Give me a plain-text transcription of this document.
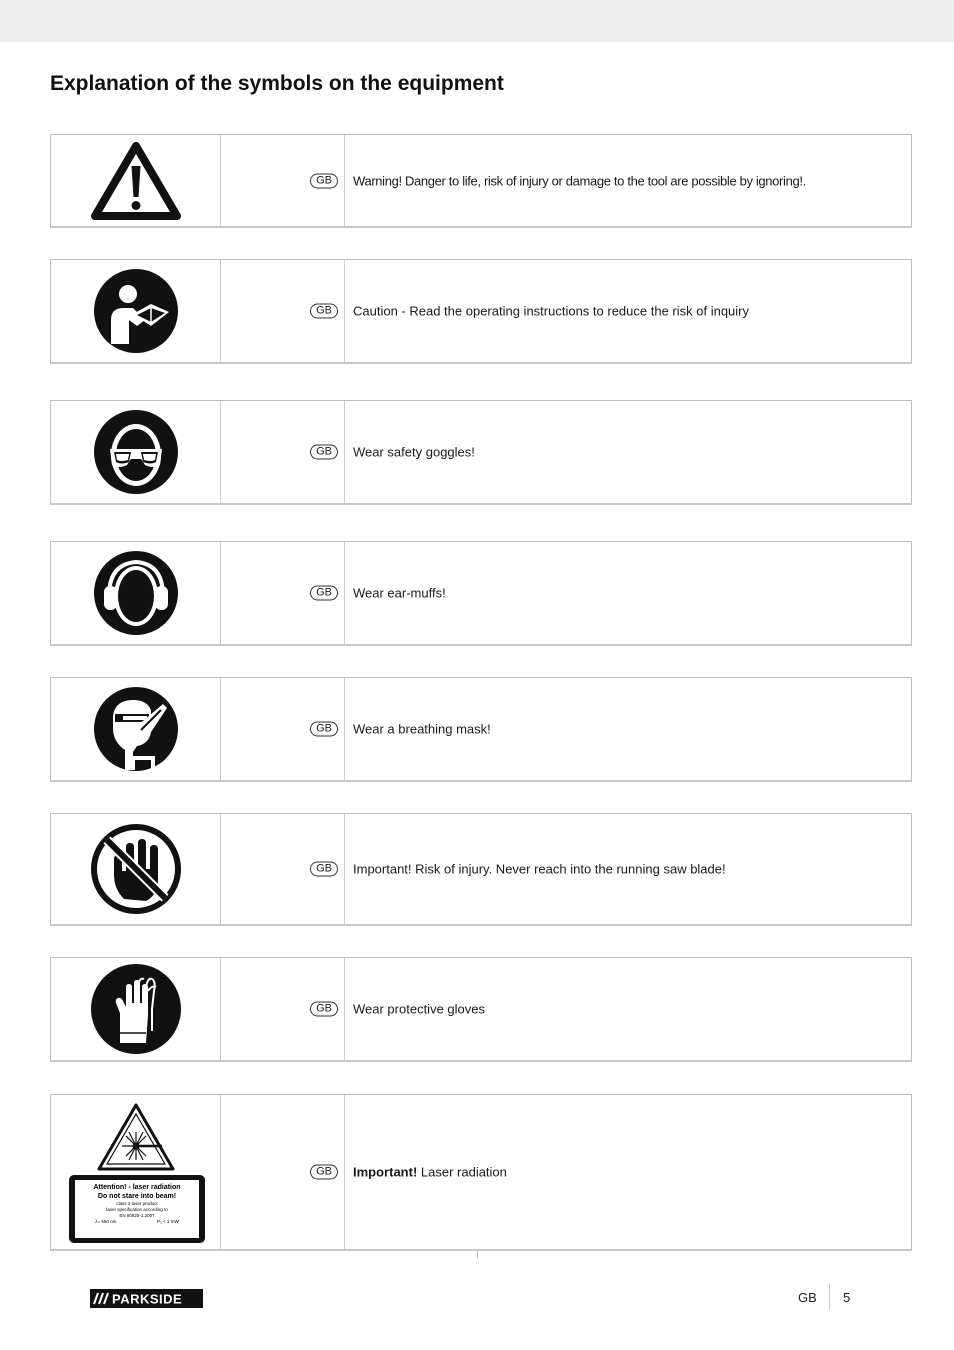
Explanation of the symbols on the equipment
GB	Warning! Danger to life, risk of injury or damage to the tool are possible by ignoring!.
GB	Caution - Read the operating instructions to reduce the risk of inquiry
GB	Wear safety goggles!
GB	Wear ear-muffs!
GB	Wear a breathing mask!
GB	Important! Risk of injury. Never reach into the running saw blade!
GB	Wear protective gloves
Attention! - laser radiation
Do not stare into beam!
class 2 laser product
laser specification according to
EN 60825-1:2007
λ= 650 nm	P₀ < 1 mW
GB	Important! Laser radiation
PARKSIDE	GB 5
